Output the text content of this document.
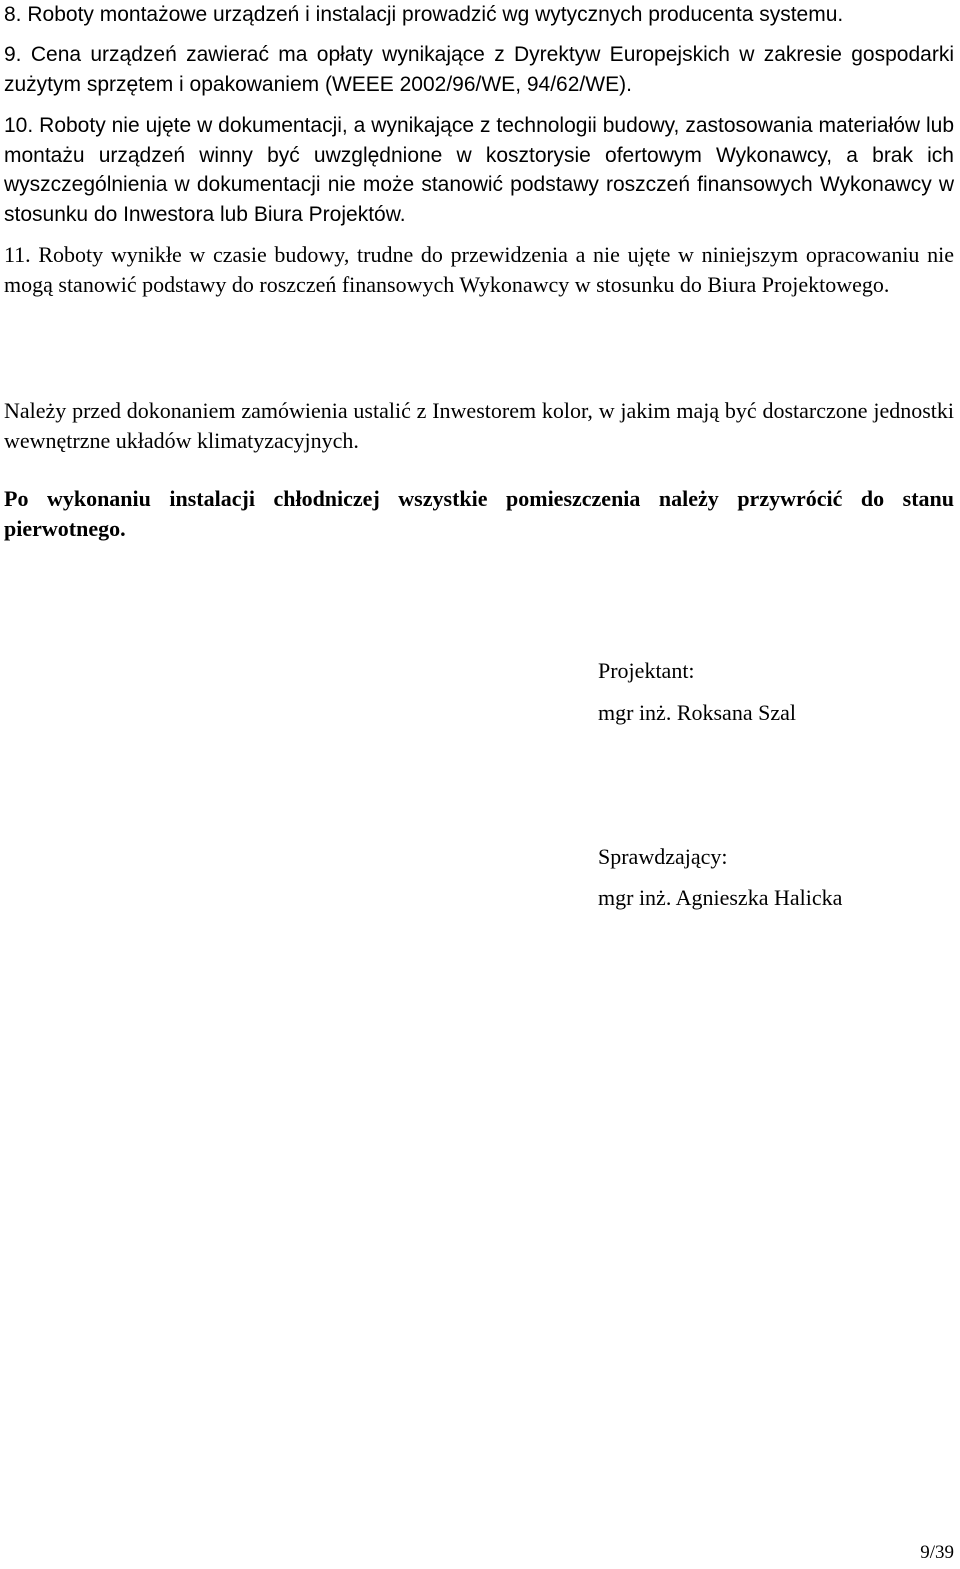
8. Roboty montażowe urządzeń i instalacji prowadzić wg wytycznych producenta systemu.

9. Cena urządzeń zawierać ma opłaty wynikające z Dyrektyw Europejskich w zakresie gospodarki zużytym sprzętem i opakowaniem (WEEE 2002/96/WE, 94/62/WE).

10. Roboty nie ujęte w dokumentacji, a wynikające z technologii budowy, zastosowania materiałów lub montażu urządzeń winny być uwzględnione w kosztorysie ofertowym Wykonawcy, a brak ich wyszczególnienia w dokumentacji nie może stanowić podstawy roszczeń finansowych Wykonawcy w stosunku do Inwestora lub Biura Projektów.

11. Roboty wynikłe w czasie budowy, trudne do przewidzenia a nie ujęte w niniejszym opracowaniu nie mogą stanowić podstawy do roszczeń finansowych Wykonawcy w stosunku do Biura Projektowego.

Należy przed dokonaniem zamówienia ustalić z Inwestorem kolor, w jakim mają być dostarczone jednostki wewnętrzne układów klimatyzacyjnych.

Po wykonaniu instalacji chłodniczej wszystkie pomieszczenia należy przywrócić do stanu pierwotnego.

Projektant:

mgr inż. Roksana Szal

Sprawdzający:

mgr inż. Agnieszka Halicka

9/39
